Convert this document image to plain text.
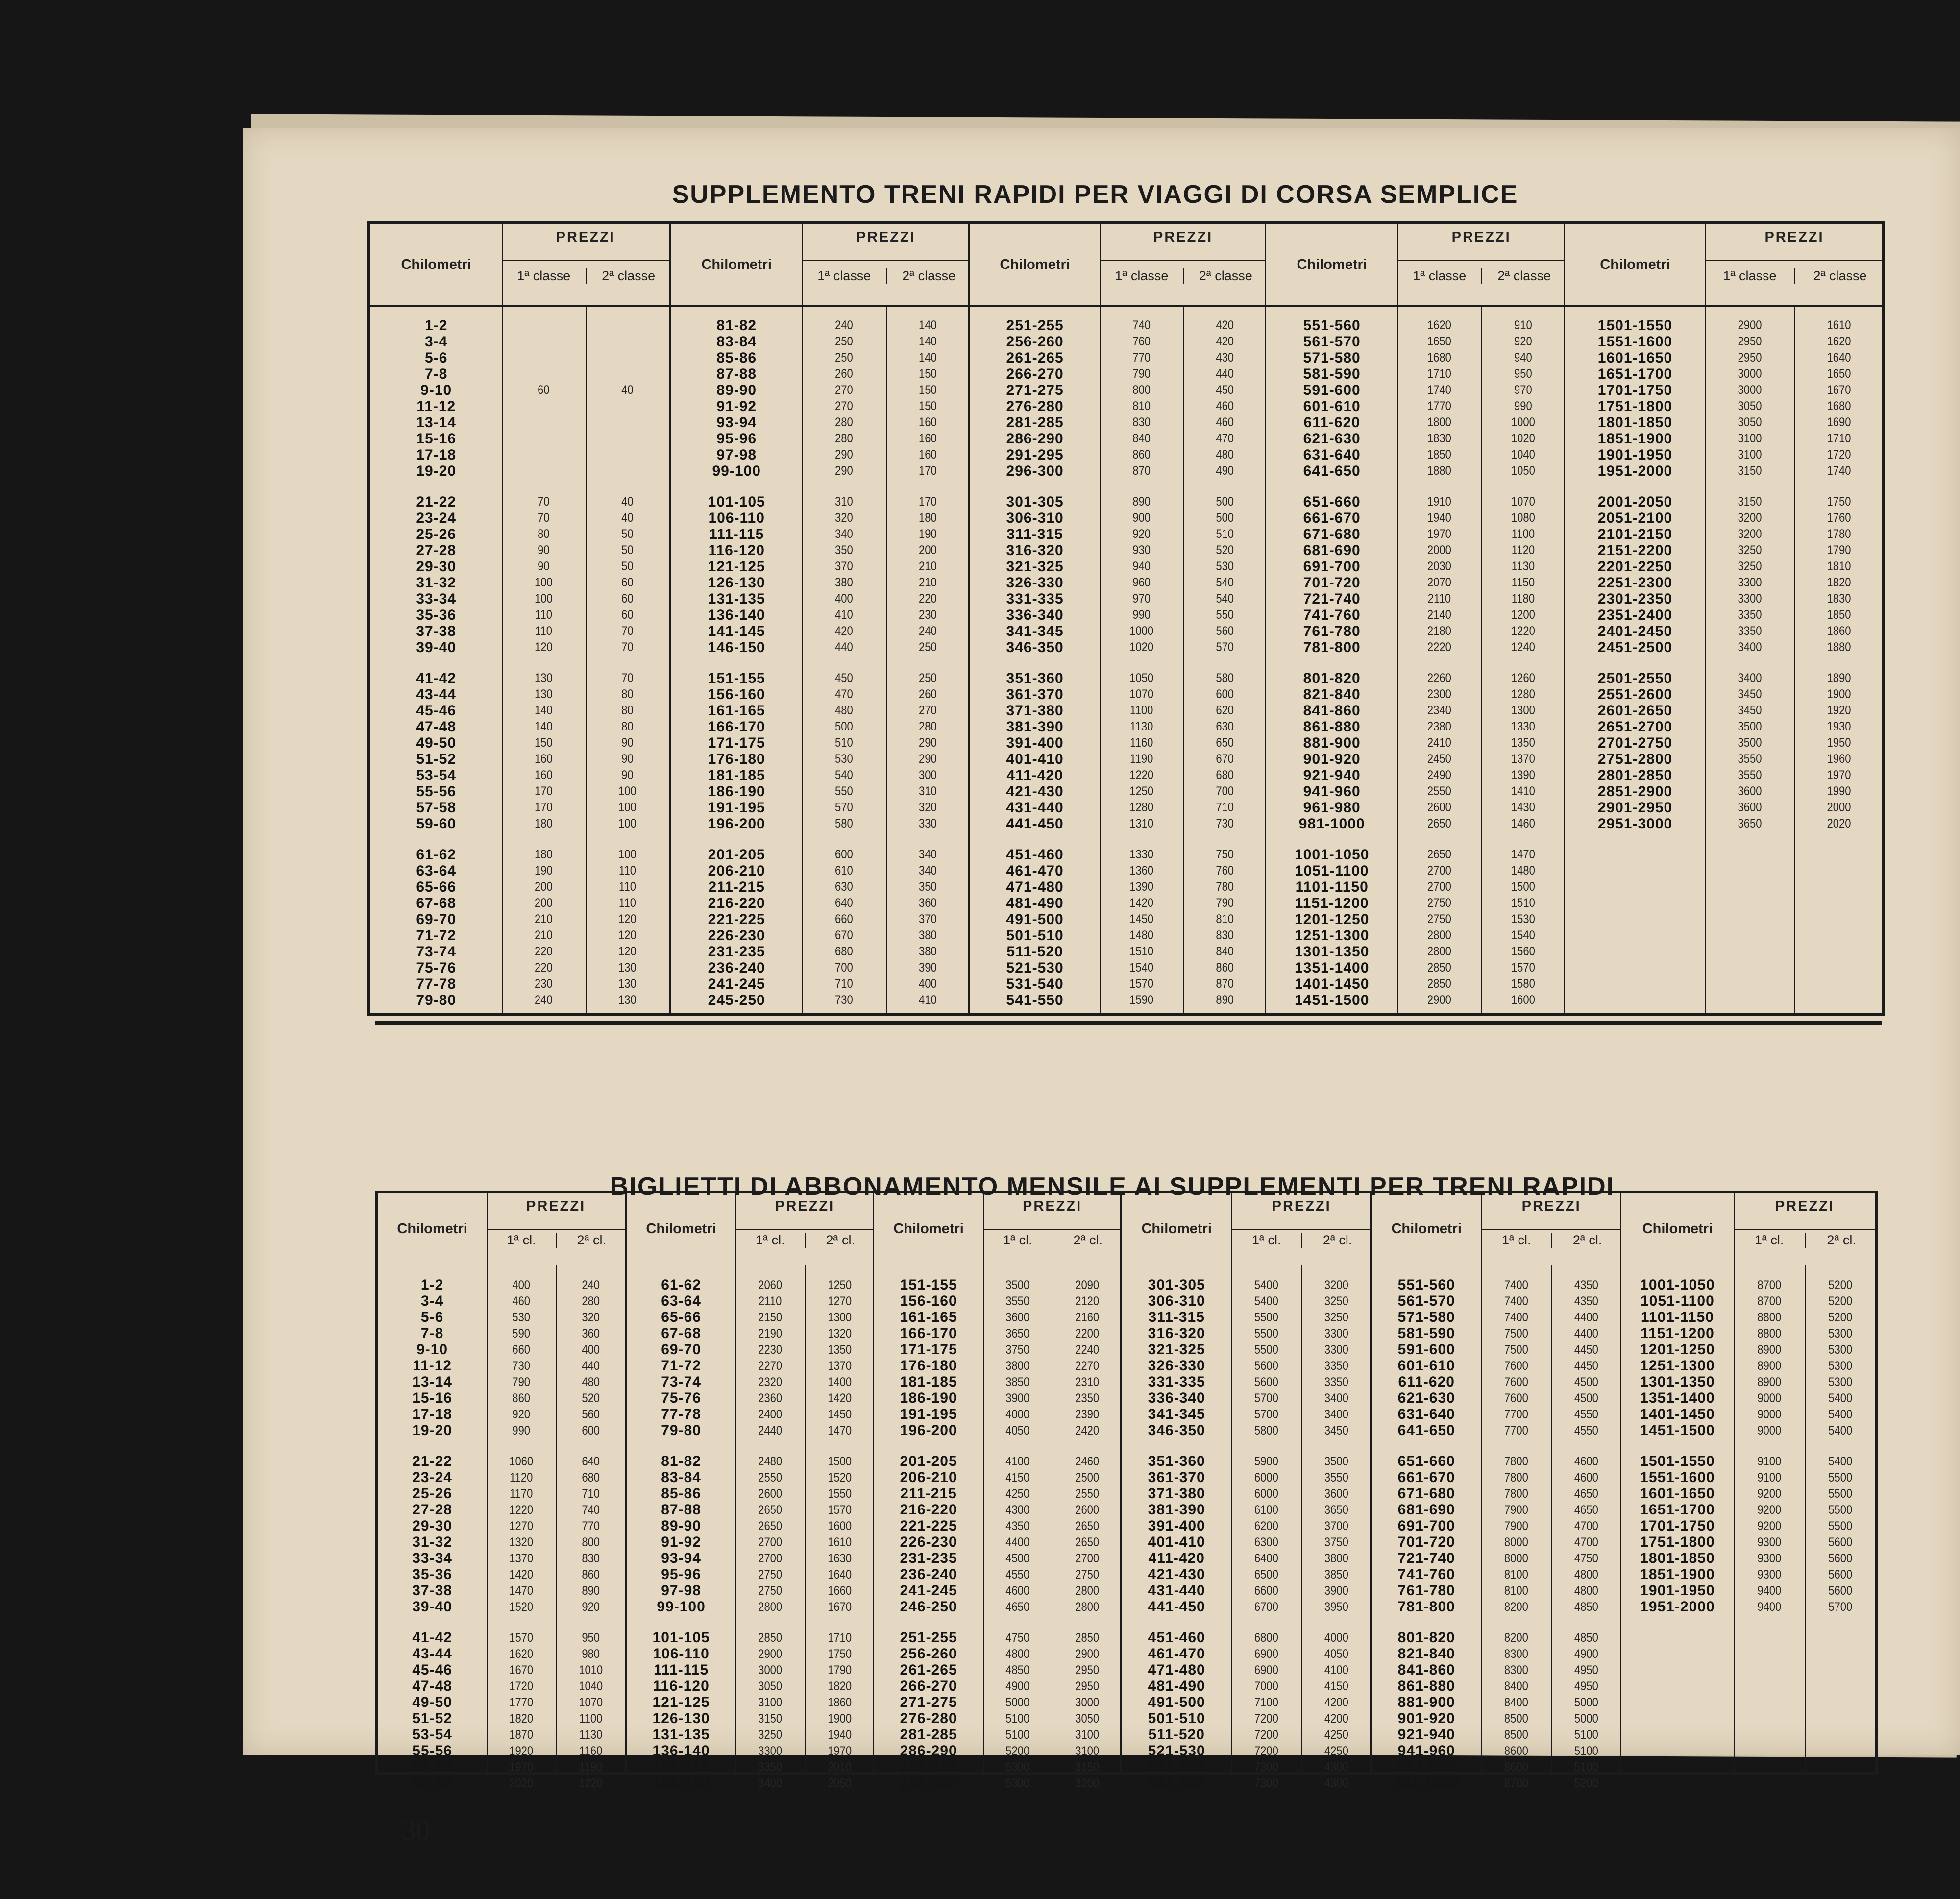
SUPPLEMENTO TRENI RAPIDI PER VIAGGI DI CORSA SEMPLICE
Chilometri
PREZZI
1ª classe	2ª classe
1-2
3-4
5-6
7-8
9-10	60	40
11-12
13-14
15-16
17-18
19-20
21-22	70	40
23-24	70	40
25-26	80	50
27-28	90	50
29-30	90	50
31-32	100	60
33-34	100	60
35-36	110	60
37-38	110	70
39-40	120	70
41-42	130	70
43-44	130	80
45-46	140	80
47-48	140	80
49-50	150	90
51-52	160	90
53-54	160	90
55-56	170	100
57-58	170	100
59-60	180	100
61-62	180	100
63-64	190	110
65-66	200	110
67-68	200	110
69-70	210	120
71-72	210	120
73-74	220	120
75-76	220	130
77-78	230	130
79-80	240	130
Chilometri
PREZZI
1ª classe	2ª classe
81-82	240	140
83-84	250	140
85-86	250	140
87-88	260	150
89-90	270	150
91-92	270	150
93-94	280	160
95-96	280	160
97-98	290	160
99-100	290	170
101-105	310	170
106-110	320	180
111-115	340	190
116-120	350	200
121-125	370	210
126-130	380	210
131-135	400	220
136-140	410	230
141-145	420	240
146-150	440	250
151-155	450	250
156-160	470	260
161-165	480	270
166-170	500	280
171-175	510	290
176-180	530	290
181-185	540	300
186-190	550	310
191-195	570	320
196-200	580	330
201-205	600	340
206-210	610	340
211-215	630	350
216-220	640	360
221-225	660	370
226-230	670	380
231-235	680	380
236-240	700	390
241-245	710	400
245-250	730	410
Chilometri
PREZZI
1ª classe	2ª classe
251-255	740	420
256-260	760	420
261-265	770	430
266-270	790	440
271-275	800	450
276-280	810	460
281-285	830	460
286-290	840	470
291-295	860	480
296-300	870	490
301-305	890	500
306-310	900	500
311-315	920	510
316-320	930	520
321-325	940	530
326-330	960	540
331-335	970	540
336-340	990	550
341-345	1000	560
346-350	1020	570
351-360	1050	580
361-370	1070	600
371-380	1100	620
381-390	1130	630
391-400	1160	650
401-410	1190	670
411-420	1220	680
421-430	1250	700
431-440	1280	710
441-450	1310	730
451-460	1330	750
461-470	1360	760
471-480	1390	780
481-490	1420	790
491-500	1450	810
501-510	1480	830
511-520	1510	840
521-530	1540	860
531-540	1570	870
541-550	1590	890
Chilometri
PREZZI
1ª classe	2ª classe
551-560	1620	910
561-570	1650	920
571-580	1680	940
581-590	1710	950
591-600	1740	970
601-610	1770	990
611-620	1800	1000
621-630	1830	1020
631-640	1850	1040
641-650	1880	1050
651-660	1910	1070
661-670	1940	1080
671-680	1970	1100
681-690	2000	1120
691-700	2030	1130
701-720	2070	1150
721-740	2110	1180
741-760	2140	1200
761-780	2180	1220
781-800	2220	1240
801-820	2260	1260
821-840	2300	1280
841-860	2340	1300
861-880	2380	1330
881-900	2410	1350
901-920	2450	1370
921-940	2490	1390
941-960	2550	1410
961-980	2600	1430
981-1000	2650	1460
1001-1050	2650	1470
1051-1100	2700	1480
1101-1150	2700	1500
1151-1200	2750	1510
1201-1250	2750	1530
1251-1300	2800	1540
1301-1350	2800	1560
1351-1400	2850	1570
1401-1450	2850	1580
1451-1500	2900	1600
Chilometri
PREZZI
1ª classe	2ª classe
1501-1550	2900	1610
1551-1600	2950	1620
1601-1650	2950	1640
1651-1700	3000	1650
1701-1750	3000	1670
1751-1800	3050	1680
1801-1850	3050	1690
1851-1900	3100	1710
1901-1950	3100	1720
1951-2000	3150	1740
2001-2050	3150	1750
2051-2100	3200	1760
2101-2150	3200	1780
2151-2200	3250	1790
2201-2250	3250	1810
2251-2300	3300	1820
2301-2350	3300	1830
2351-2400	3350	1850
2401-2450	3350	1860
2451-2500	3400	1880
2501-2550	3400	1890
2551-2600	3450	1900
2601-2650	3450	1920
2651-2700	3500	1930
2701-2750	3500	1950
2751-2800	3550	1960
2801-2850	3550	1970
2851-2900	3600	1990
2901-2950	3600	2000
2951-3000	3650	2020
BIGLIETTI DI ABBONAMENTO MENSILE AI SUPPLEMENTI PER TRENI RAPIDI
Chilometri
PREZZI
1ª cl.	2ª cl.
1-2	400	240
3-4	460	280
5-6	530	320
7-8	590	360
9-10	660	400
11-12	730	440
13-14	790	480
15-16	860	520
17-18	920	560
19-20	990	600
21-22	1060	640
23-24	1120	680
25-26	1170	710
27-28	1220	740
29-30	1270	770
31-32	1320	800
33-34	1370	830
35-36	1420	860
37-38	1470	890
39-40	1520	920
41-42	1570	950
43-44	1620	980
45-46	1670	1010
47-48	1720	1040
49-50	1770	1070
51-52	1820	1100
53-54	1870	1130
55-56	1920	1160
57-58	1970	1190
59-60	2020	1220
Chilometri
PREZZI
1ª cl.	2ª cl.
61-62	2060	1250
63-64	2110	1270
65-66	2150	1300
67-68	2190	1320
69-70	2230	1350
71-72	2270	1370
73-74	2320	1400
75-76	2360	1420
77-78	2400	1450
79-80	2440	1470
81-82	2480	1500
83-84	2550	1520
85-86	2600	1550
87-88	2650	1570
89-90	2650	1600
91-92	2700	1610
93-94	2700	1630
95-96	2750	1640
97-98	2750	1660
99-100	2800	1670
101-105	2850	1710
106-110	2900	1750
111-115	3000	1790
116-120	3050	1820
121-125	3100	1860
126-130	3150	1900
131-135	3250	1940
136-140	3300	1970
141-145	3350	2010
146-150	3400	2050
Chilometri
PREZZI
1ª cl.	2ª cl.
151-155	3500	2090
156-160	3550	2120
161-165	3600	2160
166-170	3650	2200
171-175	3750	2240
176-180	3800	2270
181-185	3850	2310
186-190	3900	2350
191-195	4000	2390
196-200	4050	2420
201-205	4100	2460
206-210	4150	2500
211-215	4250	2550
216-220	4300	2600
221-225	4350	2650
226-230	4400	2650
231-235	4500	2700
236-240	4550	2750
241-245	4600	2800
246-250	4650	2800
251-255	4750	2850
256-260	4800	2900
261-265	4850	2950
266-270	4900	2950
271-275	5000	3000
276-280	5100	3050
281-285	5100	3100
286-290	5200	3100
291-295	5300	3150
296-300	5300	3200
Chilometri
PREZZI
1ª cl.	2ª cl.
301-305	5400	3200
306-310	5400	3250
311-315	5500	3250
316-320	5500	3300
321-325	5500	3300
326-330	5600	3350
331-335	5600	3350
336-340	5700	3400
341-345	5700	3400
346-350	5800	3450
351-360	5900	3500
361-370	6000	3550
371-380	6000	3600
381-390	6100	3650
391-400	6200	3700
401-410	6300	3750
411-420	6400	3800
421-430	6500	3850
431-440	6600	3900
441-450	6700	3950
451-460	6800	4000
461-470	6900	4050
471-480	6900	4100
481-490	7000	4150
491-500	7100	4200
501-510	7200	4200
511-520	7200	4250
521-530	7200	4250
531-540	7300	4300
541-550	7300	4300
Chilometri
PREZZI
1ª cl.	2ª cl.
551-560	7400	4350
561-570	7400	4350
571-580	7400	4400
581-590	7500	4400
591-600	7500	4450
601-610	7600	4450
611-620	7600	4500
621-630	7600	4500
631-640	7700	4550
641-650	7700	4550
651-660	7800	4600
661-670	7800	4600
671-680	7800	4650
681-690	7900	4650
691-700	7900	4700
701-720	8000	4700
721-740	8000	4750
741-760	8100	4800
761-780	8100	4800
781-800	8200	4850
801-820	8200	4850
821-840	8300	4900
841-860	8300	4950
861-880	8400	4950
881-900	8400	5000
901-920	8500	5000
921-940	8500	5100
941-960	8600	5100
961-980	8600	5100
981-1000	8700	5200
Chilometri
PREZZI
1ª cl.	2ª cl.
1001-1050	8700	5200
1051-1100	8700	5200
1101-1150	8800	5200
1151-1200	8800	5300
1201-1250	8900	5300
1251-1300	8900	5300
1301-1350	8900	5300
1351-1400	9000	5400
1401-1450	9000	5400
1451-1500	9000	5400
1501-1550	9100	5400
1551-1600	9100	5500
1601-1650	9200	5500
1651-1700	9200	5500
1701-1750	9200	5500
1751-1800	9300	5600
1801-1850	9300	5600
1851-1900	9300	5600
1901-1950	9400	5600
1951-2000	9400	5700
30
